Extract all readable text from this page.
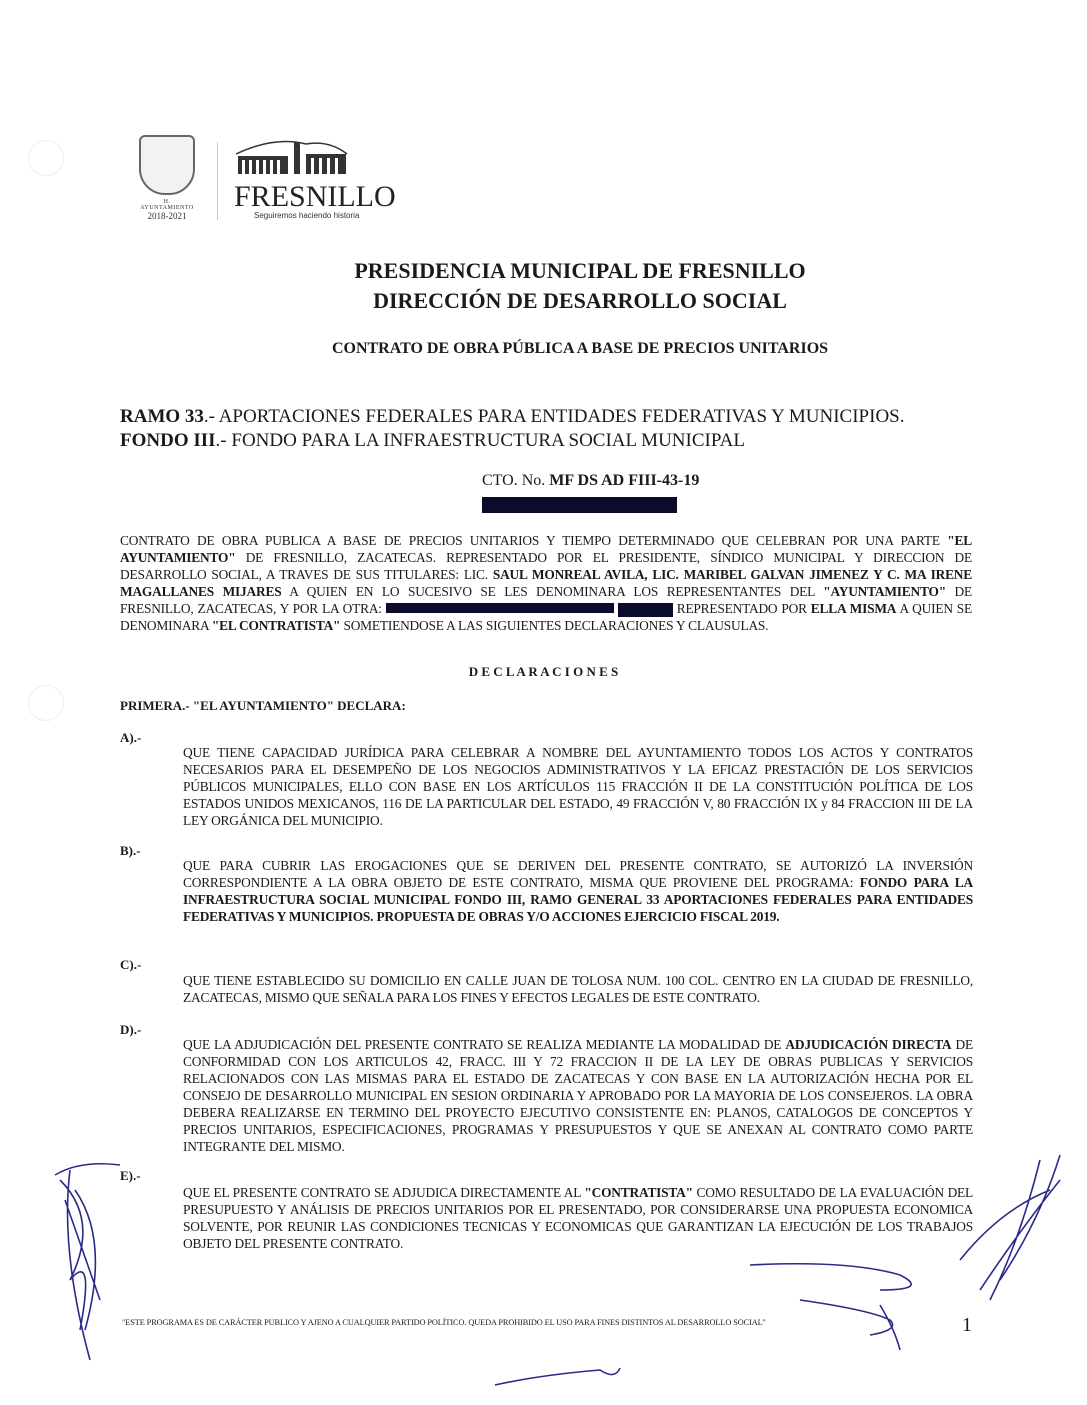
H. AYUNTAMIENTO
2018-2021
FRESNILLO
Seguiremos haciendo historia
PRESIDENCIA MUNICIPAL DE FRESNILLO
DIRECCIÓN DE DESARROLLO SOCIAL
CONTRATO DE OBRA PÚBLICA A BASE DE PRECIOS UNITARIOS
RAMO 33.- APORTACIONES FEDERALES PARA ENTIDADES FEDERATIVAS Y MUNICIPIOS.
FONDO III.- FONDO PARA LA INFRAESTRUCTURA SOCIAL MUNICIPAL
CTO. No. MF DS AD FIII-43-19
CONTRATO DE OBRA PUBLICA A BASE DE PRECIOS UNITARIOS Y TIEMPO DETERMINADO QUE CELEBRAN POR UNA PARTE "EL AYUNTAMIENTO" DE FRESNILLO, ZACATECAS. REPRESENTADO POR EL PRESIDENTE, SÍNDICO MUNICIPAL Y DIRECCION DE DESARROLLO SOCIAL, A TRAVES DE SUS TITULARES: LIC. SAUL MONREAL AVILA, LIC. MARIBEL GALVAN JIMENEZ Y C. MA IRENE MAGALLANES MIJARES A QUIEN EN LO SUCESIVO SE LES DENOMINARA LOS REPRESENTANTES DEL "AYUNTAMIENTO" DE FRESNILLO, ZACATECAS, Y POR LA OTRA:	REPRESENTADO POR ELLA MISMA A QUIEN SE DENOMINARA "EL CONTRATISTA" SOMETIENDOSE A LAS SIGUIENTES DECLARACIONES Y CLAUSULAS.
D E C L A R A C I O N E S
PRIMERA.- "EL AYUNTAMIENTO" DECLARA:
A).-
QUE TIENE CAPACIDAD JURÍDICA PARA CELEBRAR A NOMBRE DEL AYUNTAMIENTO TODOS LOS ACTOS Y CONTRATOS NECESARIOS PARA EL DESEMPEÑO DE LOS NEGOCIOS ADMINISTRATIVOS Y LA EFICAZ PRESTACIÓN DE LOS SERVICIOS PÚBLICOS MUNICIPALES, ELLO CON BASE EN LOS ARTÍCULOS 115 FRACCIÓN II DE LA CONSTITUCIÓN POLÍTICA DE LOS ESTADOS UNIDOS MEXICANOS, 116 DE LA PARTICULAR DEL ESTADO, 49 FRACCIÓN V, 80 FRACCIÓN IX y 84 FRACCION III DE LA LEY ORGÁNICA DEL MUNICIPIO.
B).-
QUE PARA CUBRIR LAS EROGACIONES QUE SE DERIVEN DEL PRESENTE CONTRATO, SE AUTORIZÓ LA INVERSIÓN CORRESPONDIENTE A LA OBRA OBJETO DE ESTE CONTRATO, MISMA QUE PROVIENE DEL PROGRAMA: FONDO PARA LA INFRAESTRUCTURA SOCIAL MUNICIPAL FONDO III, RAMO GENERAL 33 APORTACIONES FEDERALES PARA ENTIDADES FEDERATIVAS Y MUNICIPIOS. PROPUESTA DE OBRAS Y/O ACCIONES EJERCICIO FISCAL 2019.
C).-
QUE TIENE ESTABLECIDO SU DOMICILIO EN CALLE JUAN DE TOLOSA NUM. 100 COL. CENTRO EN LA CIUDAD DE FRESNILLO, ZACATECAS, MISMO QUE SEÑALA PARA LOS FINES Y EFECTOS LEGALES DE ESTE CONTRATO.
D).-
QUE LA ADJUDICACIÓN DEL PRESENTE CONTRATO SE REALIZA MEDIANTE LA MODALIDAD DE ADJUDICACIÓN DIRECTA DE CONFORMIDAD CON LOS ARTICULOS 42, FRACC. III Y 72 FRACCION II DE LA LEY DE OBRAS PUBLICAS Y SERVICIOS RELACIONADOS CON LAS MISMAS PARA EL ESTADO DE ZACATECAS Y CON BASE EN LA AUTORIZACIÓN HECHA POR EL CONSEJO DE DESARROLLO MUNICIPAL EN SESION ORDINARIA Y APROBADO POR LA MAYORIA DE LOS CONSEJEROS. LA OBRA DEBERA REALIZARSE EN TERMINO DEL PROYECTO EJECUTIVO CONSISTENTE EN: PLANOS, CATALOGOS DE CONCEPTOS Y PRECIOS UNITARIOS, ESPECIFICACIONES, PROGRAMAS Y PRESUPUESTOS Y QUE SE ANEXAN AL CONTRATO COMO PARTE INTEGRANTE DEL MISMO.
E).-
QUE EL PRESENTE CONTRATO SE ADJUDICA DIRECTAMENTE AL "CONTRATISTA" COMO RESULTADO DE LA EVALUACIÓN DEL PRESUPUESTO Y ANÁLISIS DE PRECIOS UNITARIOS POR EL PRESENTADO, POR CONSIDERARSE UNA PROPUESTA ECONOMICA SOLVENTE, POR REUNIR LAS CONDICIONES TECNICAS Y ECONOMICAS QUE GARANTIZAN LA EJECUCIÓN DE LOS TRABAJOS OBJETO DEL PRESENTE CONTRATO.
"ESTE PROGRAMA ES DE CARÁCTER PUBLICO Y AJENO A CUALQUIER PARTIDO POLÍTICO. QUEDA PROHIBIDO EL USO PARA FINES DISTINTOS AL DESARROLLO SOCIAL"	1
